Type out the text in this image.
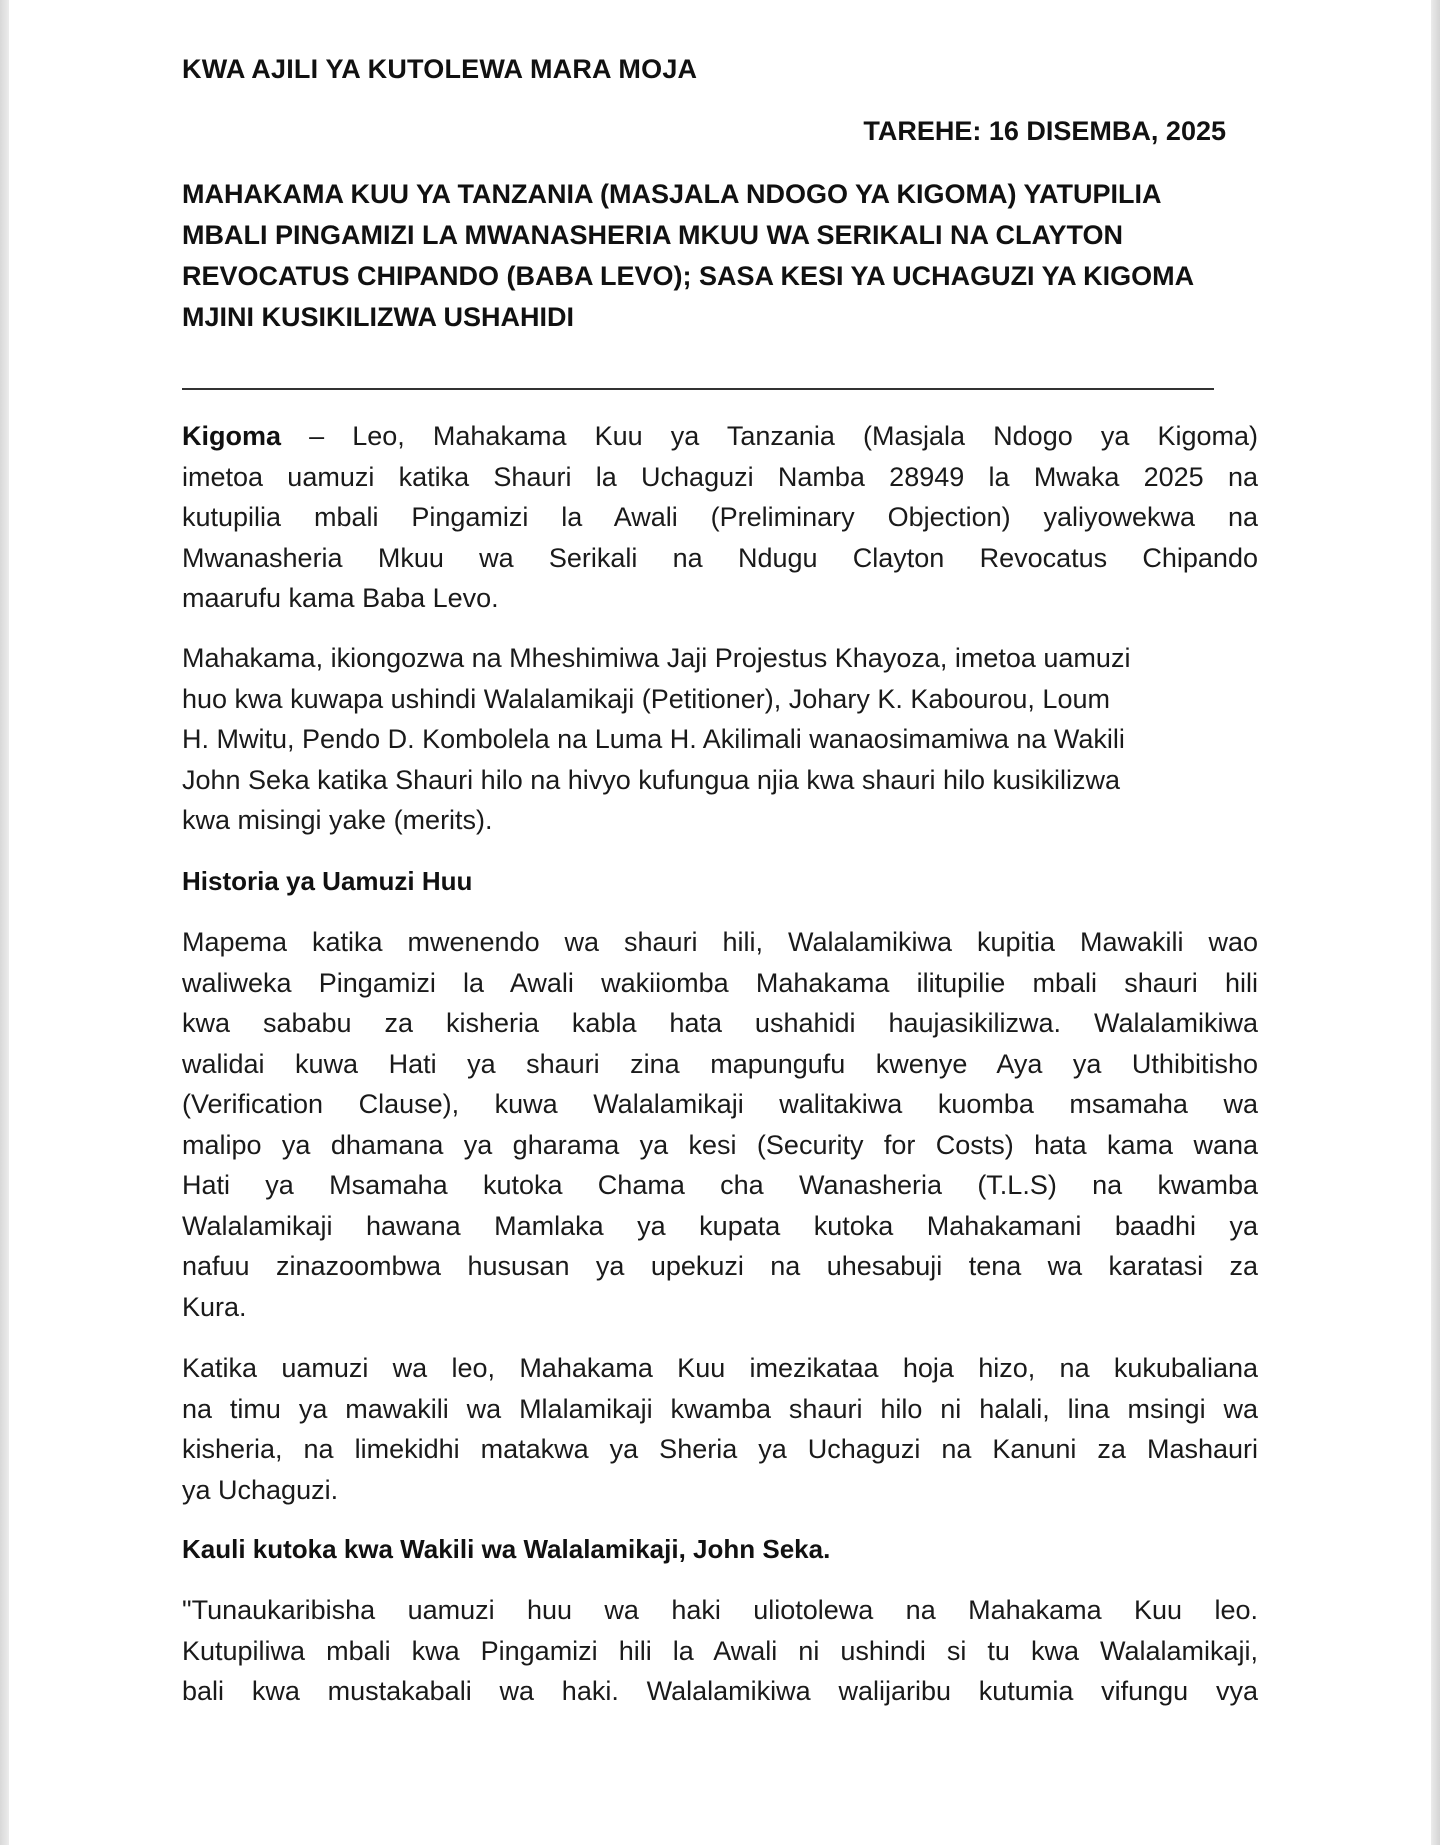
KWA AJILI YA KUTOLEWA MARA MOJA
TAREHE: 16 DISEMBA, 2025
MAHAKAMA KUU YA TANZANIA (MASJALA NDOGO YA KIGOMA) YATUPILIA
MBALI PINGAMIZI LA MWANASHERIA MKUU WA SERIKALI NA CLAYTON
REVOCATUS CHIPANDO (BABA LEVO); SASA KESI YA UCHAGUZI YA KIGOMA
MJINI KUSIKILIZWA USHAHIDI
Kigoma – Leo, Mahakama Kuu ya Tanzania (Masjala Ndogo ya Kigoma)
imetoa uamuzi katika Shauri la Uchaguzi Namba 28949 la Mwaka 2025 na
kutupilia mbali Pingamizi la Awali (Preliminary Objection) yaliyowekwa na
Mwanasheria Mkuu wa Serikali na Ndugu Clayton Revocatus Chipando
maarufu kama Baba Levo.
Mahakama, ikiongozwa na Mheshimiwa Jaji Projestus Khayoza, imetoa uamuzi
huo kwa kuwapa ushindi Walalamikaji (Petitioner), Johary K. Kabourou, Loum
H. Mwitu, Pendo D. Kombolela na Luma H. Akilimali wanaosimamiwa na Wakili
John Seka katika Shauri hilo na hivyo kufungua njia kwa shauri hilo kusikilizwa
kwa misingi yake (merits).
Historia ya Uamuzi Huu
Mapema katika mwenendo wa shauri hili, Walalamikiwa kupitia Mawakili wao
waliweka Pingamizi la Awali wakiiomba Mahakama ilitupilie mbali shauri hili
kwa sababu za kisheria kabla hata ushahidi haujasikilizwa. Walalamikiwa
walidai kuwa Hati ya shauri zina mapungufu kwenye Aya ya Uthibitisho
(Verification Clause), kuwa Walalamikaji walitakiwa kuomba msamaha wa
malipo ya dhamana ya gharama ya kesi (Security for Costs) hata kama wana
Hati ya Msamaha kutoka Chama cha Wanasheria (T.L.S) na kwamba
Walalamikaji hawana Mamlaka ya kupata kutoka Mahakamani baadhi ya
nafuu zinazoombwa hususan ya upekuzi na uhesabuji tena wa karatasi za
Kura.
Katika uamuzi wa leo, Mahakama Kuu imezikataa hoja hizo, na kukubaliana
na timu ya mawakili wa Mlalamikaji kwamba shauri hilo ni halali, lina msingi wa
kisheria, na limekidhi matakwa ya Sheria ya Uchaguzi na Kanuni za Mashauri
ya Uchaguzi.
Kauli kutoka kwa Wakili wa Walalamikaji, John Seka.
"Tunaukaribisha uamuzi huu wa haki uliotolewa na Mahakama Kuu leo.
Kutupiliwa mbali kwa Pingamizi hili la Awali ni ushindi si tu kwa Walalamikaji,
bali kwa mustakabali wa haki. Walalamikiwa walijaribu kutumia vifungu vya
